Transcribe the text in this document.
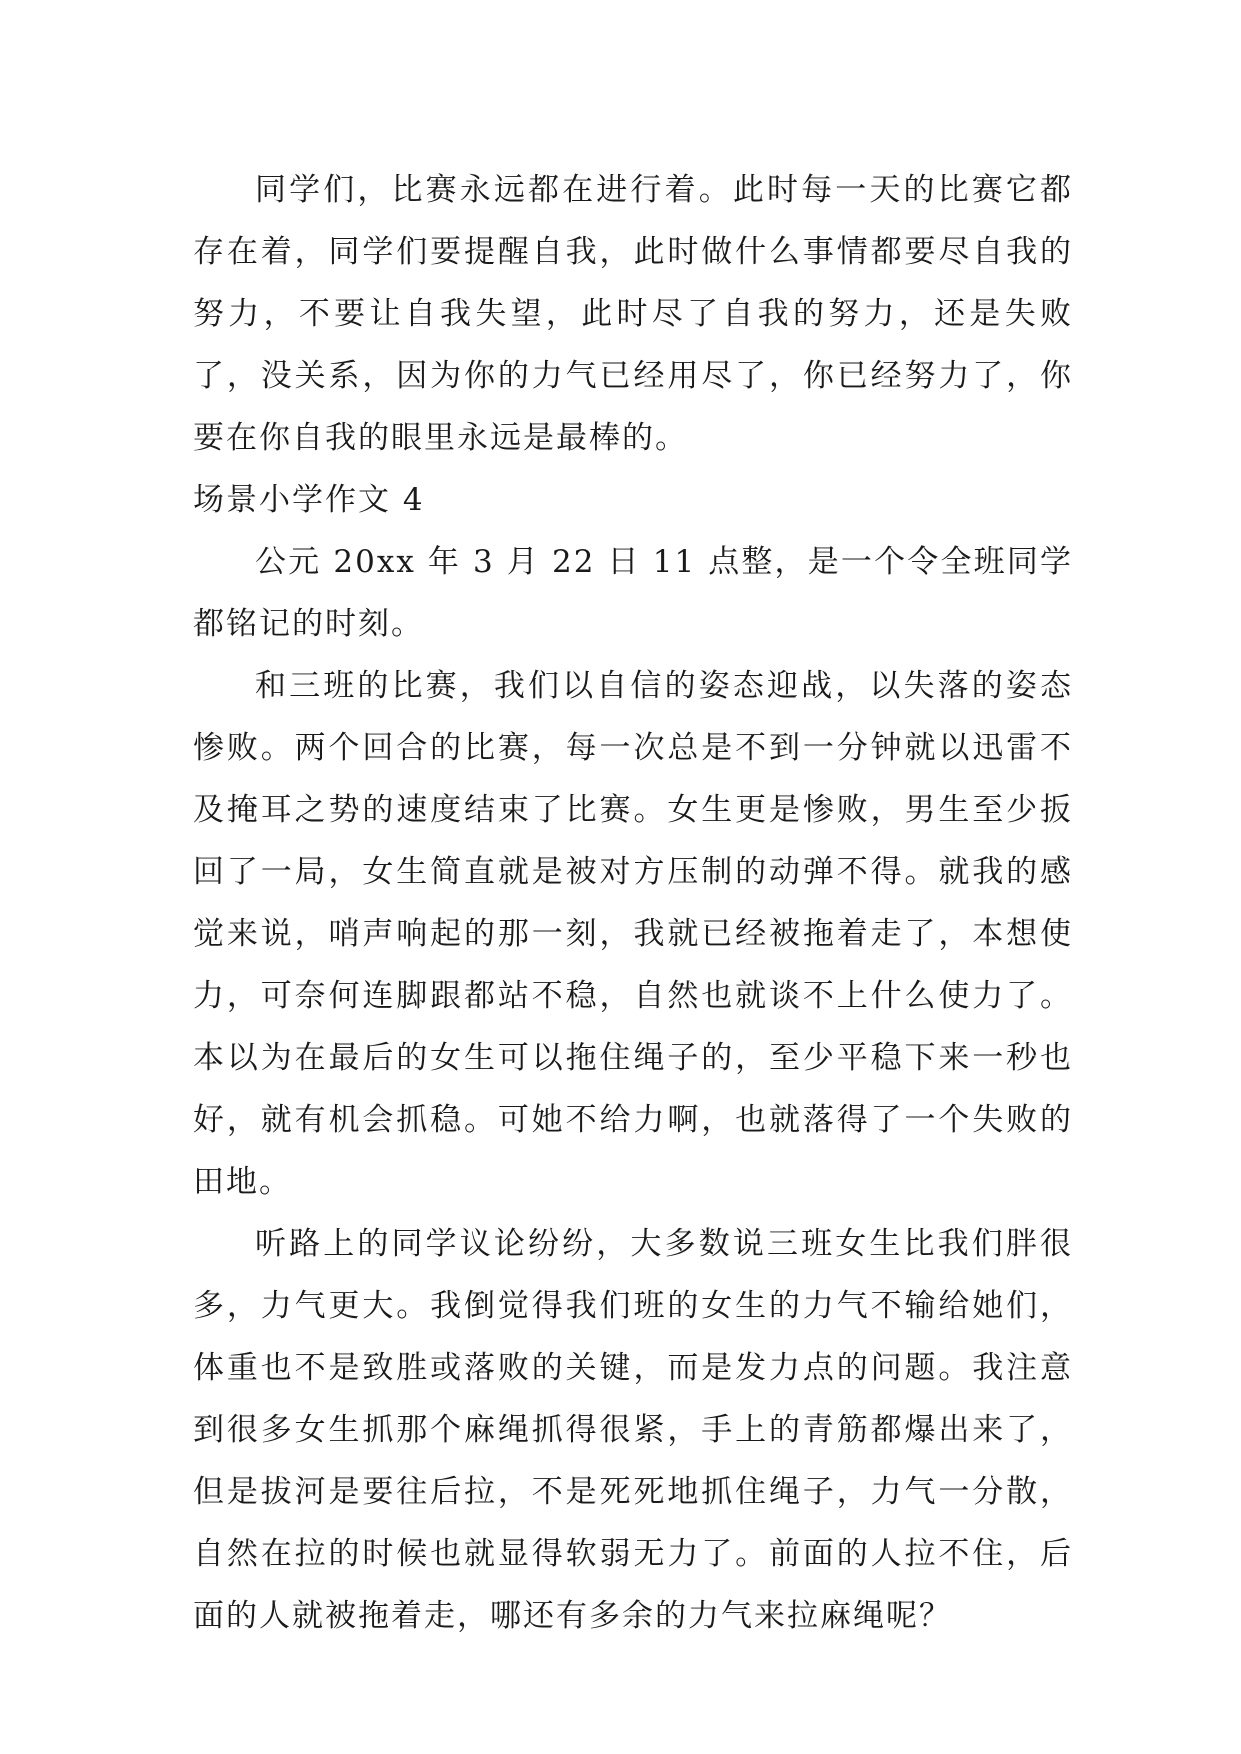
同学们，比赛永远都在进行着。此时每一天的比赛它都存在着，同学们要提醒自我，此时做什么事情都要尽自我的努力，不要让自我失望，此时尽了自我的努力，还是失败了，没关系，因为你的力气已经用尽了，你已经努力了，你要在你自我的眼里永远是最棒的。

场景小学作文 4

公元 20xx 年 3 月 22 日 11 点整，是一个令全班同学都铭记的时刻。

和三班的比赛，我们以自信的姿态迎战，以失落的姿态惨败。两个回合的比赛，每一次总是不到一分钟就以迅雷不及掩耳之势的速度结束了比赛。女生更是惨败，男生至少扳回了一局，女生简直就是被对方压制的动弹不得。就我的感觉来说，哨声响起的那一刻，我就已经被拖着走了，本想使力，可奈何连脚跟都站不稳，自然也就谈不上什么使力了。本以为在最后的女生可以拖住绳子的，至少平稳下来一秒也好，就有机会抓稳。可她不给力啊，也就落得了一个失败的田地。

听路上的同学议论纷纷，大多数说三班女生比我们胖很多，力气更大。我倒觉得我们班的女生的力气不输给她们，体重也不是致胜或落败的关键，而是发力点的问题。我注意到很多女生抓那个麻绳抓得很紧，手上的青筋都爆出来了，但是拔河是要往后拉，不是死死地抓住绳子，力气一分散，自然在拉的时候也就显得软弱无力了。前面的人拉不住，后面的人就被拖着走，哪还有多余的力气来拉麻绳呢？
